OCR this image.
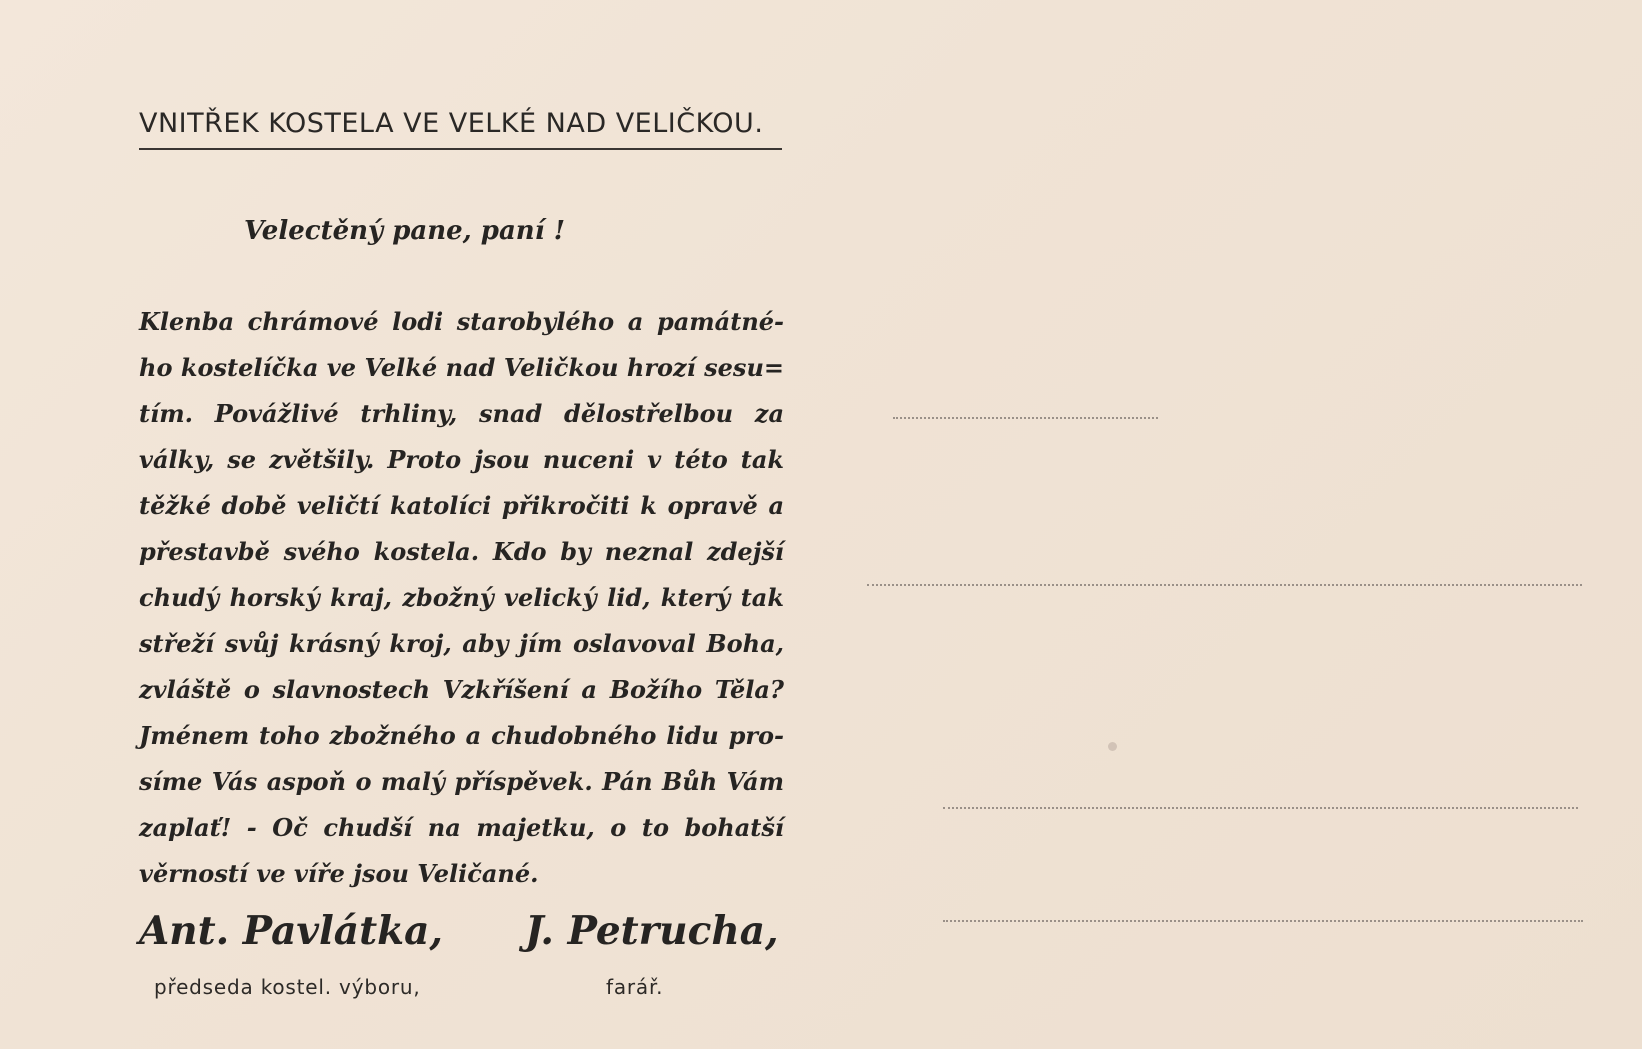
VNITŘEK KOSTELA VE VELKÉ NAD VELIČKOU.
Velectěný pane, paní !
Klenba chrámové lodi starobylého a památné-
ho kostelíčka ve Velké nad Veličkou hrozí sesu=
tím. Povážlivé trhliny, snad dělostřelbou za
války, se zvětšily. Proto jsou nuceni v této tak
těžké době veličtí katolíci přikročiti k opravě a
přestavbě svého kostela. Kdo by neznal zdejší
chudý horský kraj, zbožný velický lid, který tak
střeží svůj krásný kroj, aby jím oslavoval Boha,
zvláště o slavnostech Vzkříšení a Božího Těla?
Jménem toho zbožného a chudobného lidu pro-
síme Vás aspoň o malý příspěvek. Pán Bůh Vám
zaplať! - Oč chudší na majetku, o to bohatší
věrností ve víře jsou Veličané.
Ant. Pavlátka, J. Petrucha,
předseda kostel. výboru,	farář.
